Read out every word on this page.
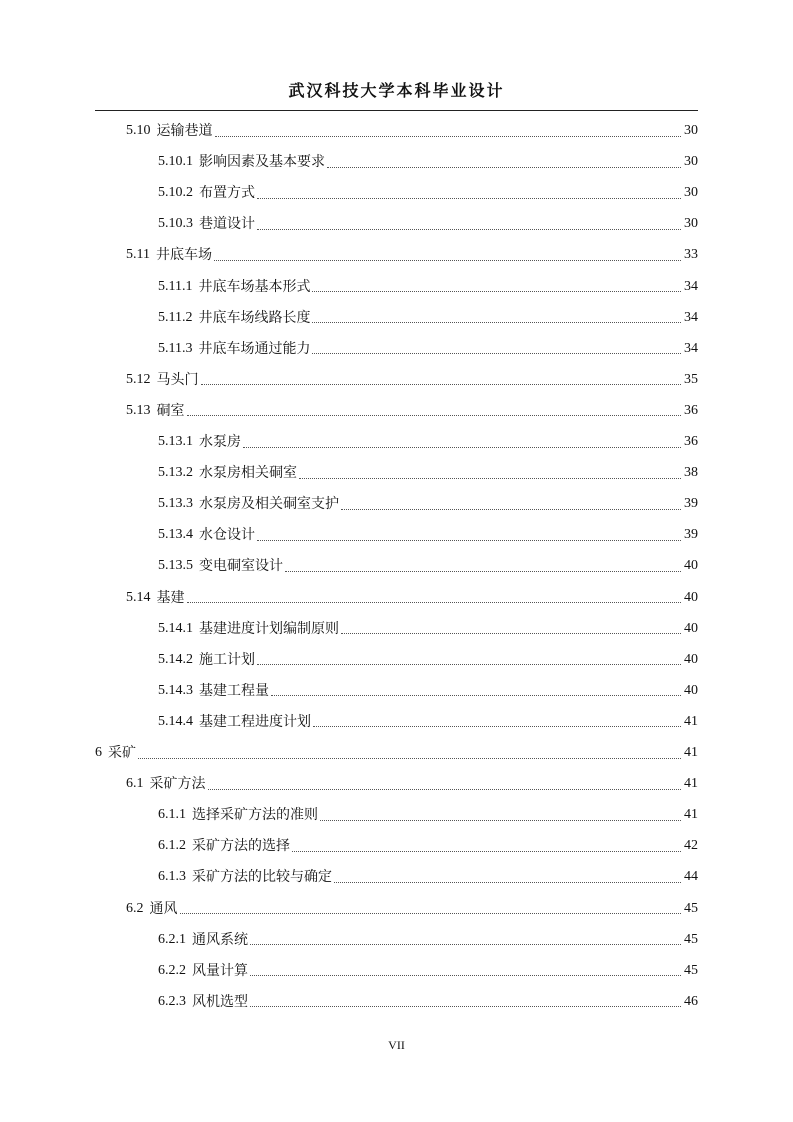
武汉科技大学本科毕业设计
5.10 运输巷道	30
5.10.1 影响因素及基本要求	30
5.10.2 布置方式	30
5.10.3 巷道设计	30
5.11 井底车场	33
5.11.1 井底车场基本形式	34
5.11.2 井底车场线路长度	34
5.11.3 井底车场通过能力	34
5.12 马头门	35
5.13 硐室	36
5.13.1 水泵房	36
5.13.2 水泵房相关硐室	38
5.13.3 水泵房及相关硐室支护	39
5.13.4 水仓设计	39
5.13.5 变电硐室设计	40
5.14 基建	40
5.14.1 基建进度计划编制原则	40
5.14.2 施工计划	40
5.14.3 基建工程量	40
5.14.4 基建工程进度计划	41
6 采矿	41
6.1 采矿方法	41
6.1.1 选择采矿方法的准则	41
6.1.2 采矿方法的选择	42
6.1.3 采矿方法的比较与确定	44
6.2 通风	45
6.2.1 通风系统	45
6.2.2 风量计算	45
6.2.3 风机选型	46
VII
